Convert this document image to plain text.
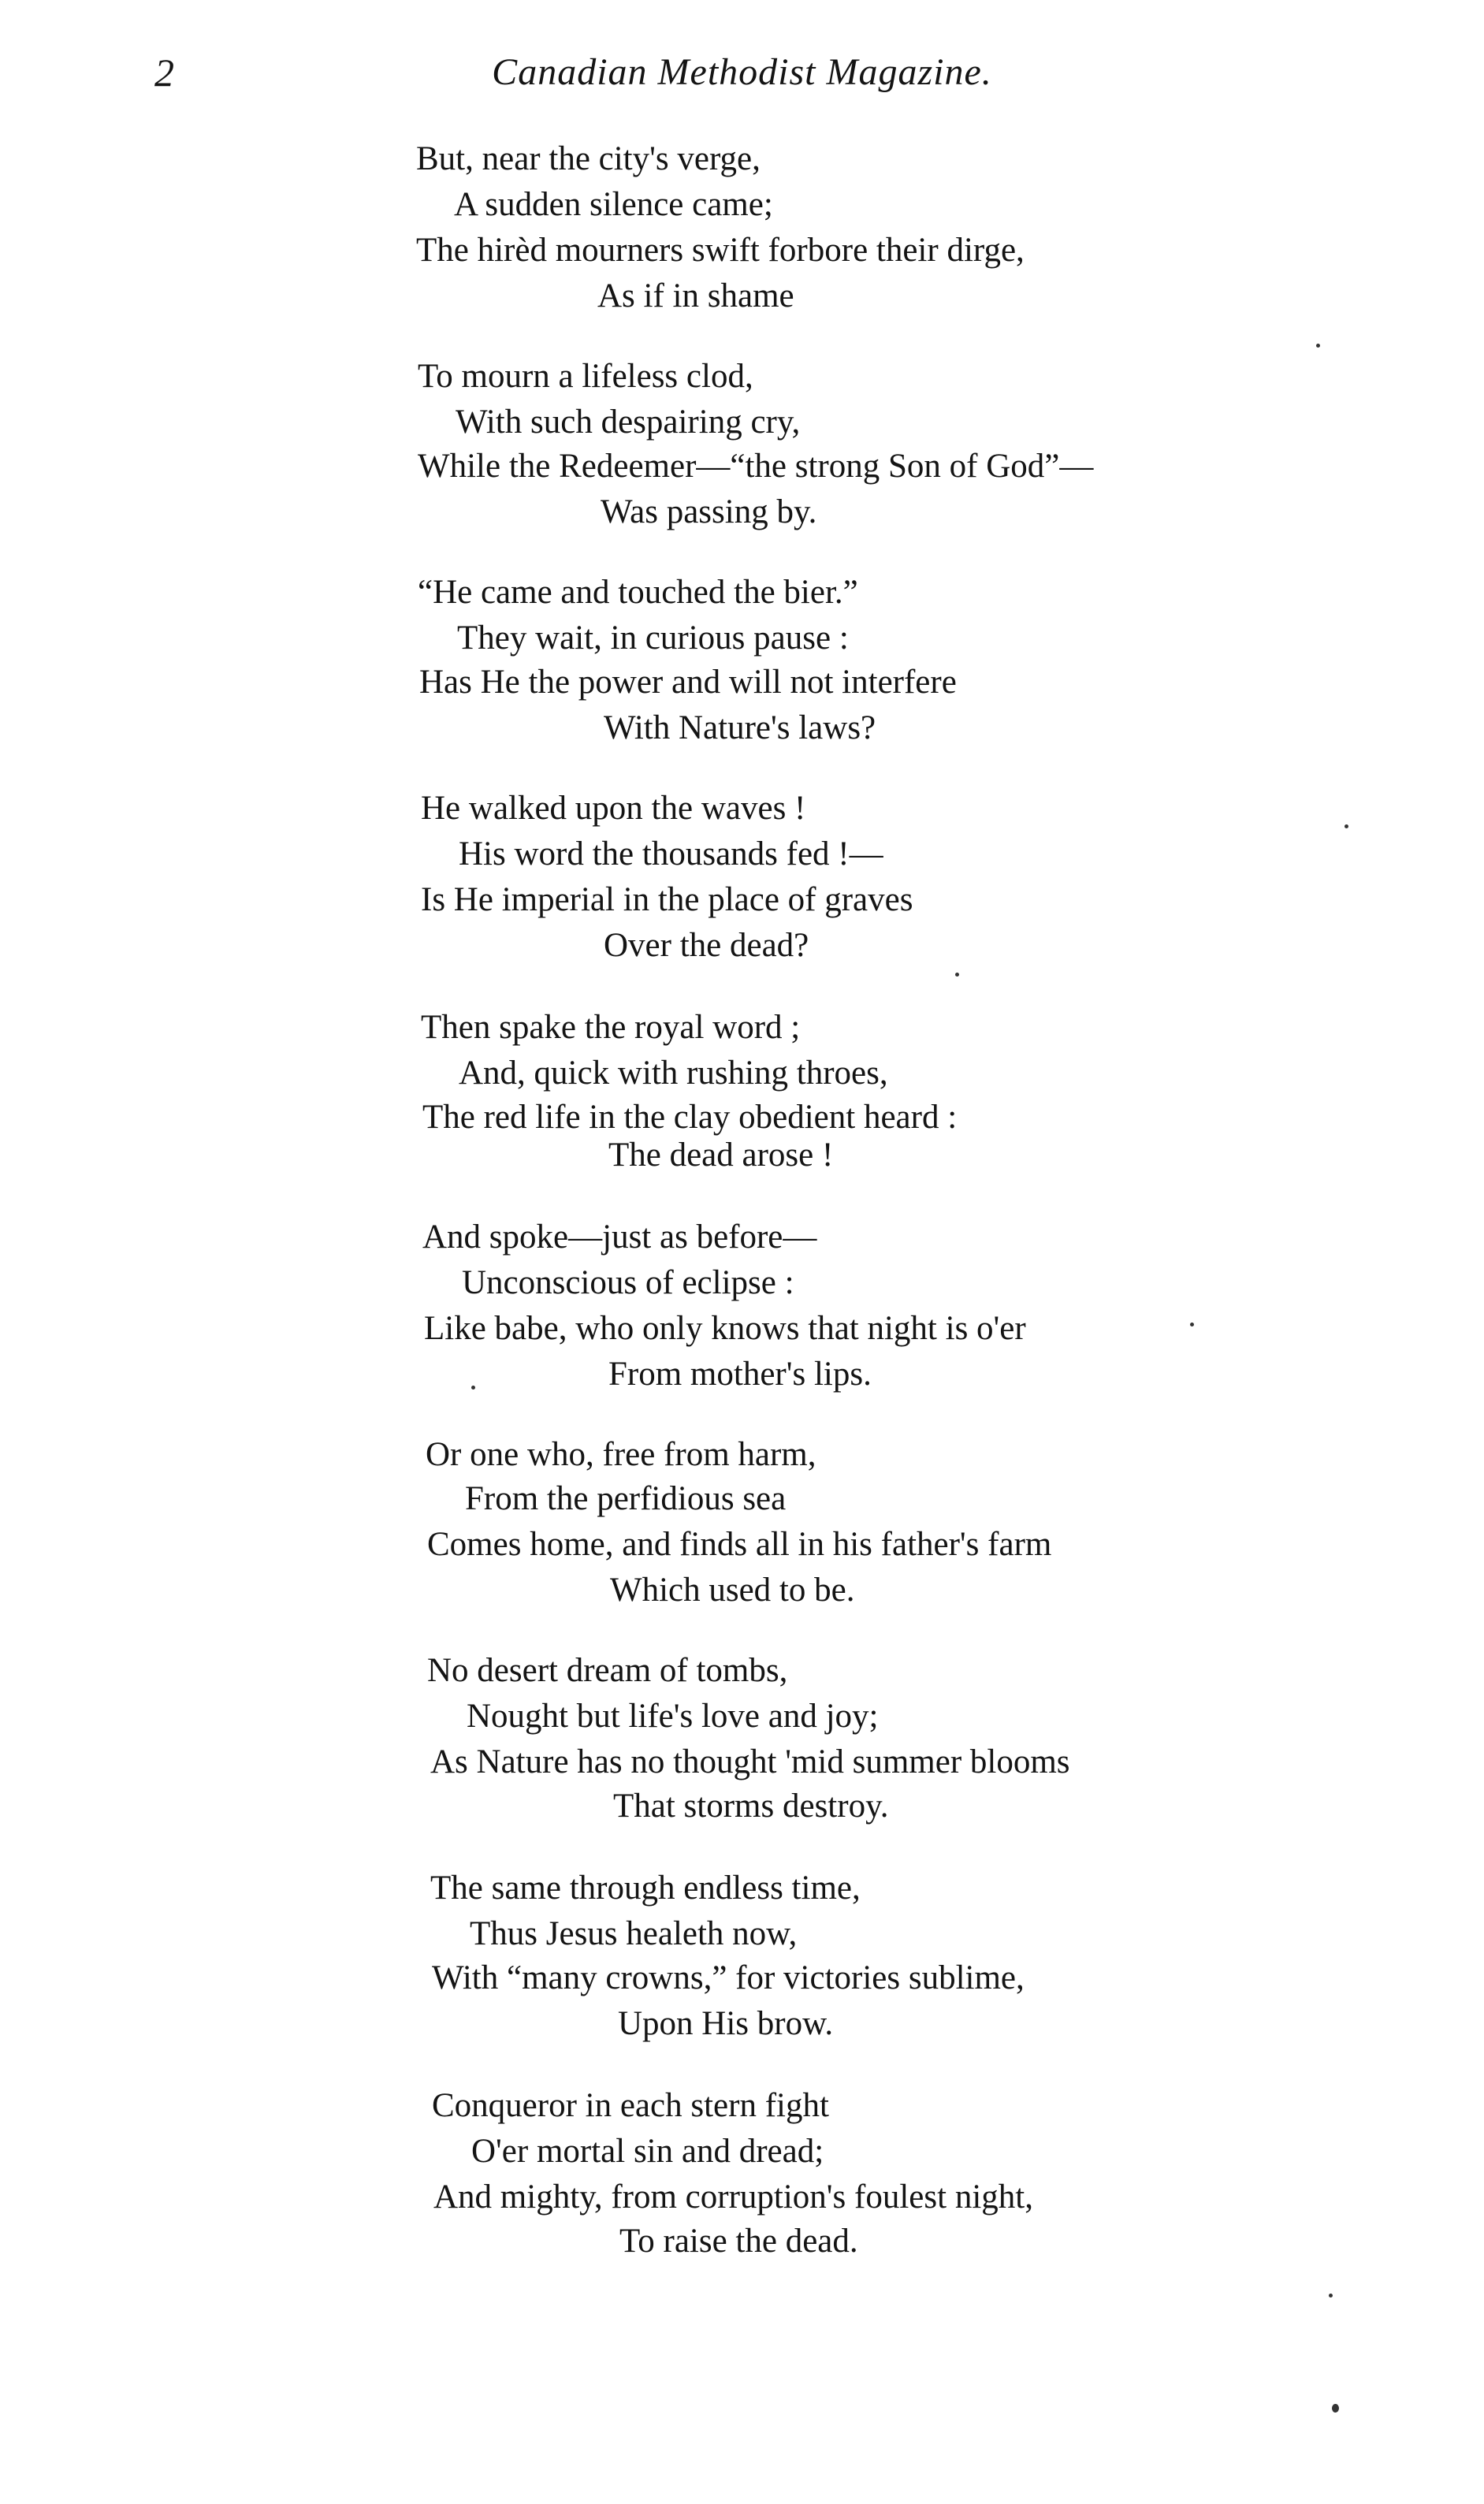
2	Canadian Methodist Magazine.
But, near the city's verge,
A sudden silence came;
The hirèd mourners swift forbore their dirge,
As if in shame
To mourn a lifeless clod,
With such despairing cry,
While the Redeemer—“the strong Son of God”—
Was passing by.
“He came and touched the bier.”
They wait, in curious pause :
Has He the power and will not interfere
With Nature's laws?
He walked upon the waves !
His word the thousands fed !—
Is He imperial in the place of graves
Over the dead?
Then spake the royal word ;
And, quick with rushing throes,
The red life in the clay obedient heard :
The dead arose !
And spoke—just as before—
Unconscious of eclipse :
Like babe, who only knows that night is o'er
From mother's lips.
Or one who, free from harm,
From the perfidious sea
Comes home, and finds all in his father's farm
Which used to be.
No desert dream of tombs,
Nought but life's love and joy;
As Nature has no thought 'mid summer blooms
That storms destroy.
The same through endless time,
Thus Jesus healeth now,
With “many crowns,” for victories sublime,
Upon His brow.
Conqueror in each stern fight
O'er mortal sin and dread;
And mighty, from corruption's foulest night,
To raise the dead.
